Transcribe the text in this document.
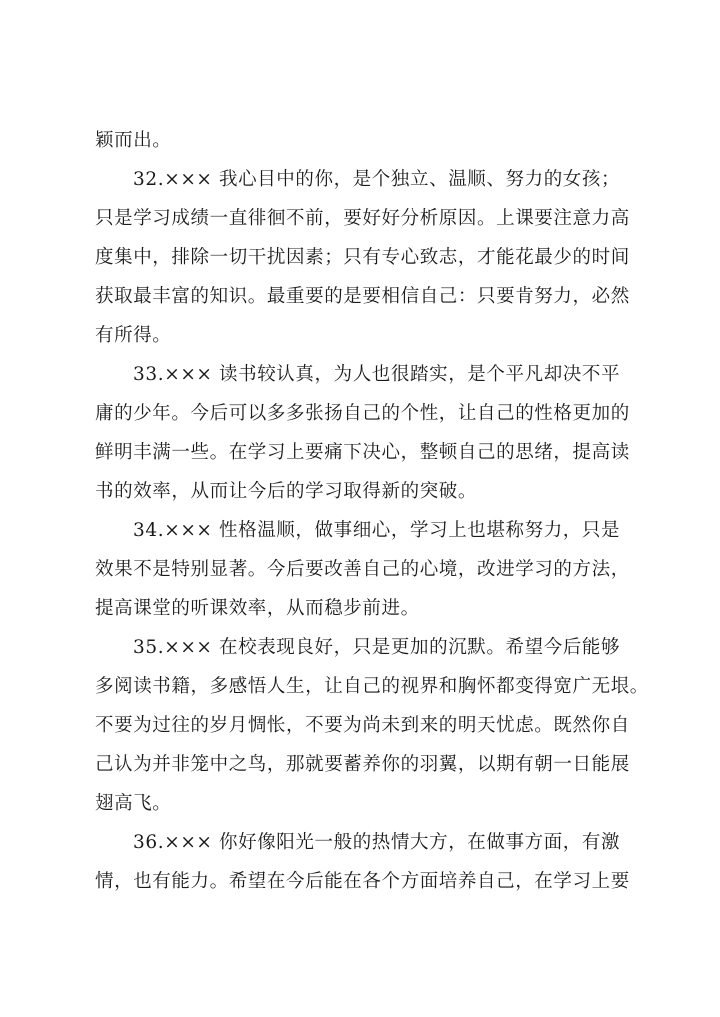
颖而出。
32.××× 我心目中的你，是个独立、温顺、努力的女孩；
只是学习成绩一直徘徊不前，要好好分析原因。上课要注意力高
度集中，排除一切干扰因素；只有专心致志，才能花最少的时间
获取最丰富的知识。最重要的是要相信自己：只要肯努力，必然
有所得。
33.××× 读书较认真，为人也很踏实，是个平凡却决不平
庸的少年。今后可以多多张扬自己的个性，让自己的性格更加的
鲜明丰满一些。在学习上要痛下决心，整顿自己的思绪，提高读
书的效率，从而让今后的学习取得新的突破。
34.××× 性格温顺，做事细心，学习上也堪称努力，只是
效果不是特别显著。今后要改善自己的心境，改进学习的方法，
提高课堂的听课效率，从而稳步前进。
35.××× 在校表现良好，只是更加的沉默。希望今后能够
多阅读书籍，多感悟人生，让自己的视界和胸怀都变得宽广无垠。
不要为过往的岁月惆怅，不要为尚未到来的明天忧虑。既然你自
己认为并非笼中之鸟，那就要蓄养你的羽翼，以期有朝一日能展
翅高飞。
36.××× 你好像阳光一般的热情大方，在做事方面，有激
情，也有能力。希望在今后能在各个方面培养自己，在学习上要
